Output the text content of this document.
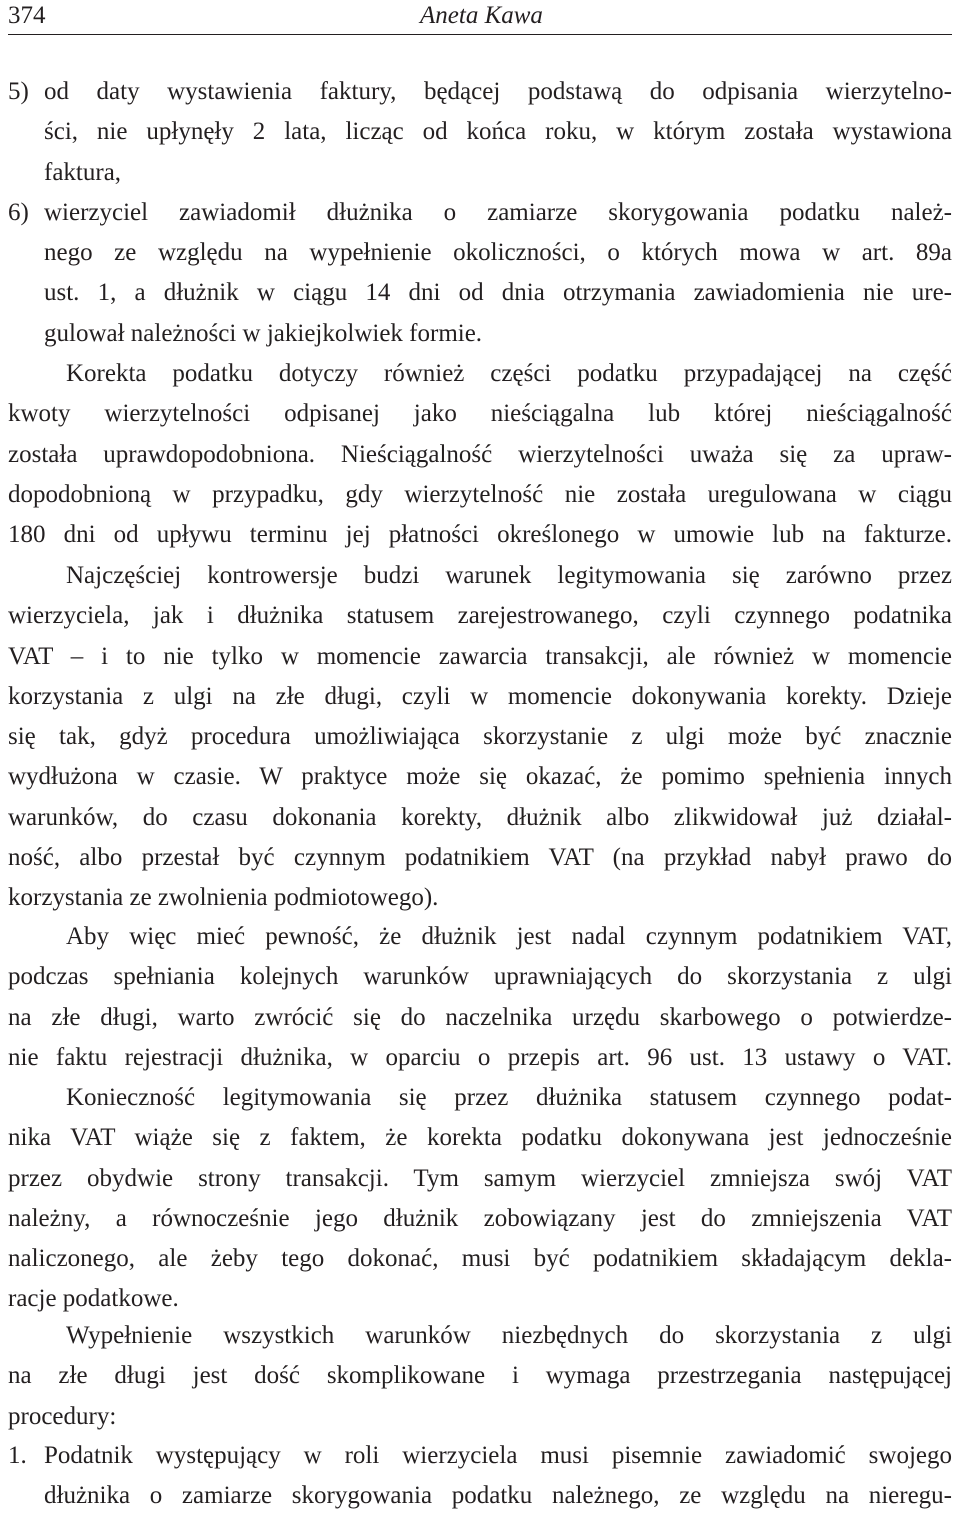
374	Aneta Kawa
5) od daty wystawienia faktury, będącej podstawą do odpisania wierzytelno-
ści, nie upłynęły 2 lata, licząc od końca roku, w którym została wystawiona
faktura,
6) wierzyciel zawiadomił dłużnika o zamiarze skorygowania podatku należ-
nego ze względu na wypełnienie okoliczności, o których mowa w art. 89a
ust. 1, a dłużnik w ciągu 14 dni od dnia otrzymania zawiadomienia nie ure-
gulował należności w jakiejkolwiek formie.
Korekta podatku dotyczy również części podatku przypadającej na część
kwoty wierzytelności odpisanej jako nieściągalna lub której nieściągalność
została uprawdopodobniona. Nieściągalność wierzytelności uważa się za upraw-
dopodobnioną w przypadku, gdy wierzytelność nie została uregulowana w ciągu
180 dni od upływu terminu jej płatności określonego w umowie lub na fakturze.
Najczęściej kontrowersje budzi warunek legitymowania się zarówno przez
wierzyciela, jak i dłużnika statusem zarejestrowanego, czyli czynnego podatnika
VAT – i to nie tylko w momencie zawarcia transakcji, ale również w momencie
korzystania z ulgi na złe długi, czyli w momencie dokonywania korekty. Dzieje
się tak, gdyż procedura umożliwiająca skorzystanie z ulgi może być znacznie
wydłużona w czasie. W praktyce może się okazać, że pomimo spełnienia innych
warunków, do czasu dokonania korekty, dłużnik albo zlikwidował już działal-
ność, albo przestał być czynnym podatnikiem VAT (na przykład nabył prawo do
korzystania ze zwolnienia podmiotowego).
Aby więc mieć pewność, że dłużnik jest nadal czynnym podatnikiem VAT,
podczas spełniania kolejnych warunków uprawniających do skorzystania z ulgi
na złe długi, warto zwrócić się do naczelnika urzędu skarbowego o potwierdze-
nie faktu rejestracji dłużnika, w oparciu o przepis art. 96 ust. 13 ustawy o VAT.
Konieczność legitymowania się przez dłużnika statusem czynnego podat-
nika VAT wiąże się z faktem, że korekta podatku dokonywana jest jednocześnie
przez obydwie strony transakcji. Tym samym wierzyciel zmniejsza swój VAT
należny, a równocześnie jego dłużnik zobowiązany jest do zmniejszenia VAT
naliczonego, ale żeby tego dokonać, musi być podatnikiem składającym dekla-
racje podatkowe.
Wypełnienie wszystkich warunków niezbędnych do skorzystania z ulgi
na złe długi jest dość skomplikowane i wymaga przestrzegania następującej
procedury:
1. Podatnik występujący w roli wierzyciela musi pisemnie zawiadomić swojego
dłużnika o zamiarze skorygowania podatku należnego, ze względu na nieregu-
